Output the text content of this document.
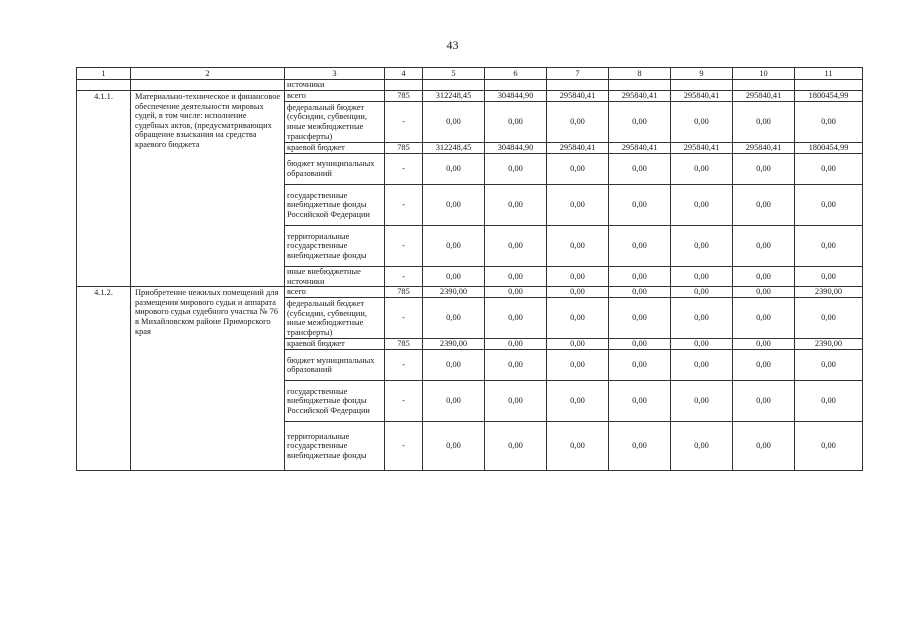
43
1	2	3	4	5	6	7	8	9	10	11
		источники								
4.1.1.	Материально-техническое и финансовое обеспечение деятельности мировых судей, в том числе: исполнение судебных актов, (предусматривающих обращение взыскания на средства краевого бюджета	всего	785	312248,45	304844,90	295840,41	295840,41	295840,41	295840,41	1800454,99
		федеральный бюджет (субсидии, субвенции, иные межбюджетные трансферты)	-	0,00	0,00	0,00	0,00	0,00	0,00	0,00
		краевой бюджет	785	312248,45	304844,90	295840,41	295840,41	295840,41	295840,41	1800454,99
		бюджет муниципальных образований	-	0,00	0,00	0,00	0,00	0,00	0,00	0,00
		государственные внебюджетные фонды Российской Федерации	-	0,00	0,00	0,00	0,00	0,00	0,00	0,00
		территориальные государственные внебюджетные фонды	-	0,00	0,00	0,00	0,00	0,00	0,00	0,00
		иные внебюджетные источники	-	0,00	0,00	0,00	0,00	0,00	0,00	0,00
4.1.2.	Приобретение нежилых помещений для размещения мирового судьи и аппарата мирового судьи судебного участка № 76 в Михайловском районе Приморского края	всего	785	2390,00	0,00	0,00	0,00	0,00	0,00	2390,00
		федеральный бюджет (субсидии, субвенции, иные межбюджетные трансферты)	-	0,00	0,00	0,00	0,00	0,00	0,00	0,00
		краевой бюджет	785	2390,00	0,00	0,00	0,00	0,00	0,00	2390,00
		бюджет муниципальных образований	-	0,00	0,00	0,00	0,00	0,00	0,00	0,00
		государственные внебюджетные фонды Российской Федерации	-	0,00	0,00	0,00	0,00	0,00	0,00	0,00
		территориальные государственные внебюджетные фонды	-	0,00	0,00	0,00	0,00	0,00	0,00	0,00
